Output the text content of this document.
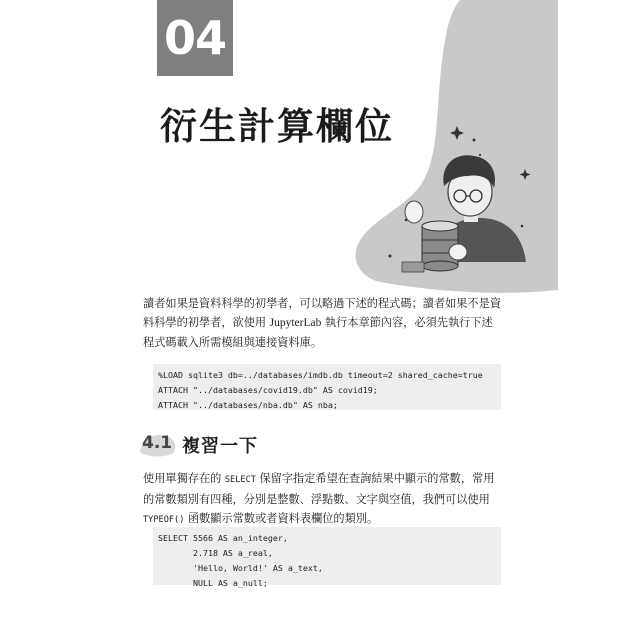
04
衍生計算欄位
讀者如果是資料科學的初學者，可以略過下述的程式碼；讀者如果不是資料科學的初學者，欲使用 JupyterLab 執行本章節內容，必須先執行下述程式碼載入所需模組與連接資料庫。
%LOAD sqlite3 db=../databases/imdb.db timeout=2 shared_cache=true
ATTACH "../databases/covid19.db" AS covid19;
ATTACH "../databases/nba.db" AS nba;
4.1 複習一下
使用單獨存在的 SELECT 保留字指定希望在查詢結果中顯示的常數，常用的常數類別有四種，分別是整數、浮點數、文字與空值，我們可以使用 TYPEOF() 函數顯示常數或者資料表欄位的類別。
SELECT 5566 AS an_integer,
2.718 AS a_real,
'Hello, World!' AS a_text,
NULL AS a_null;
